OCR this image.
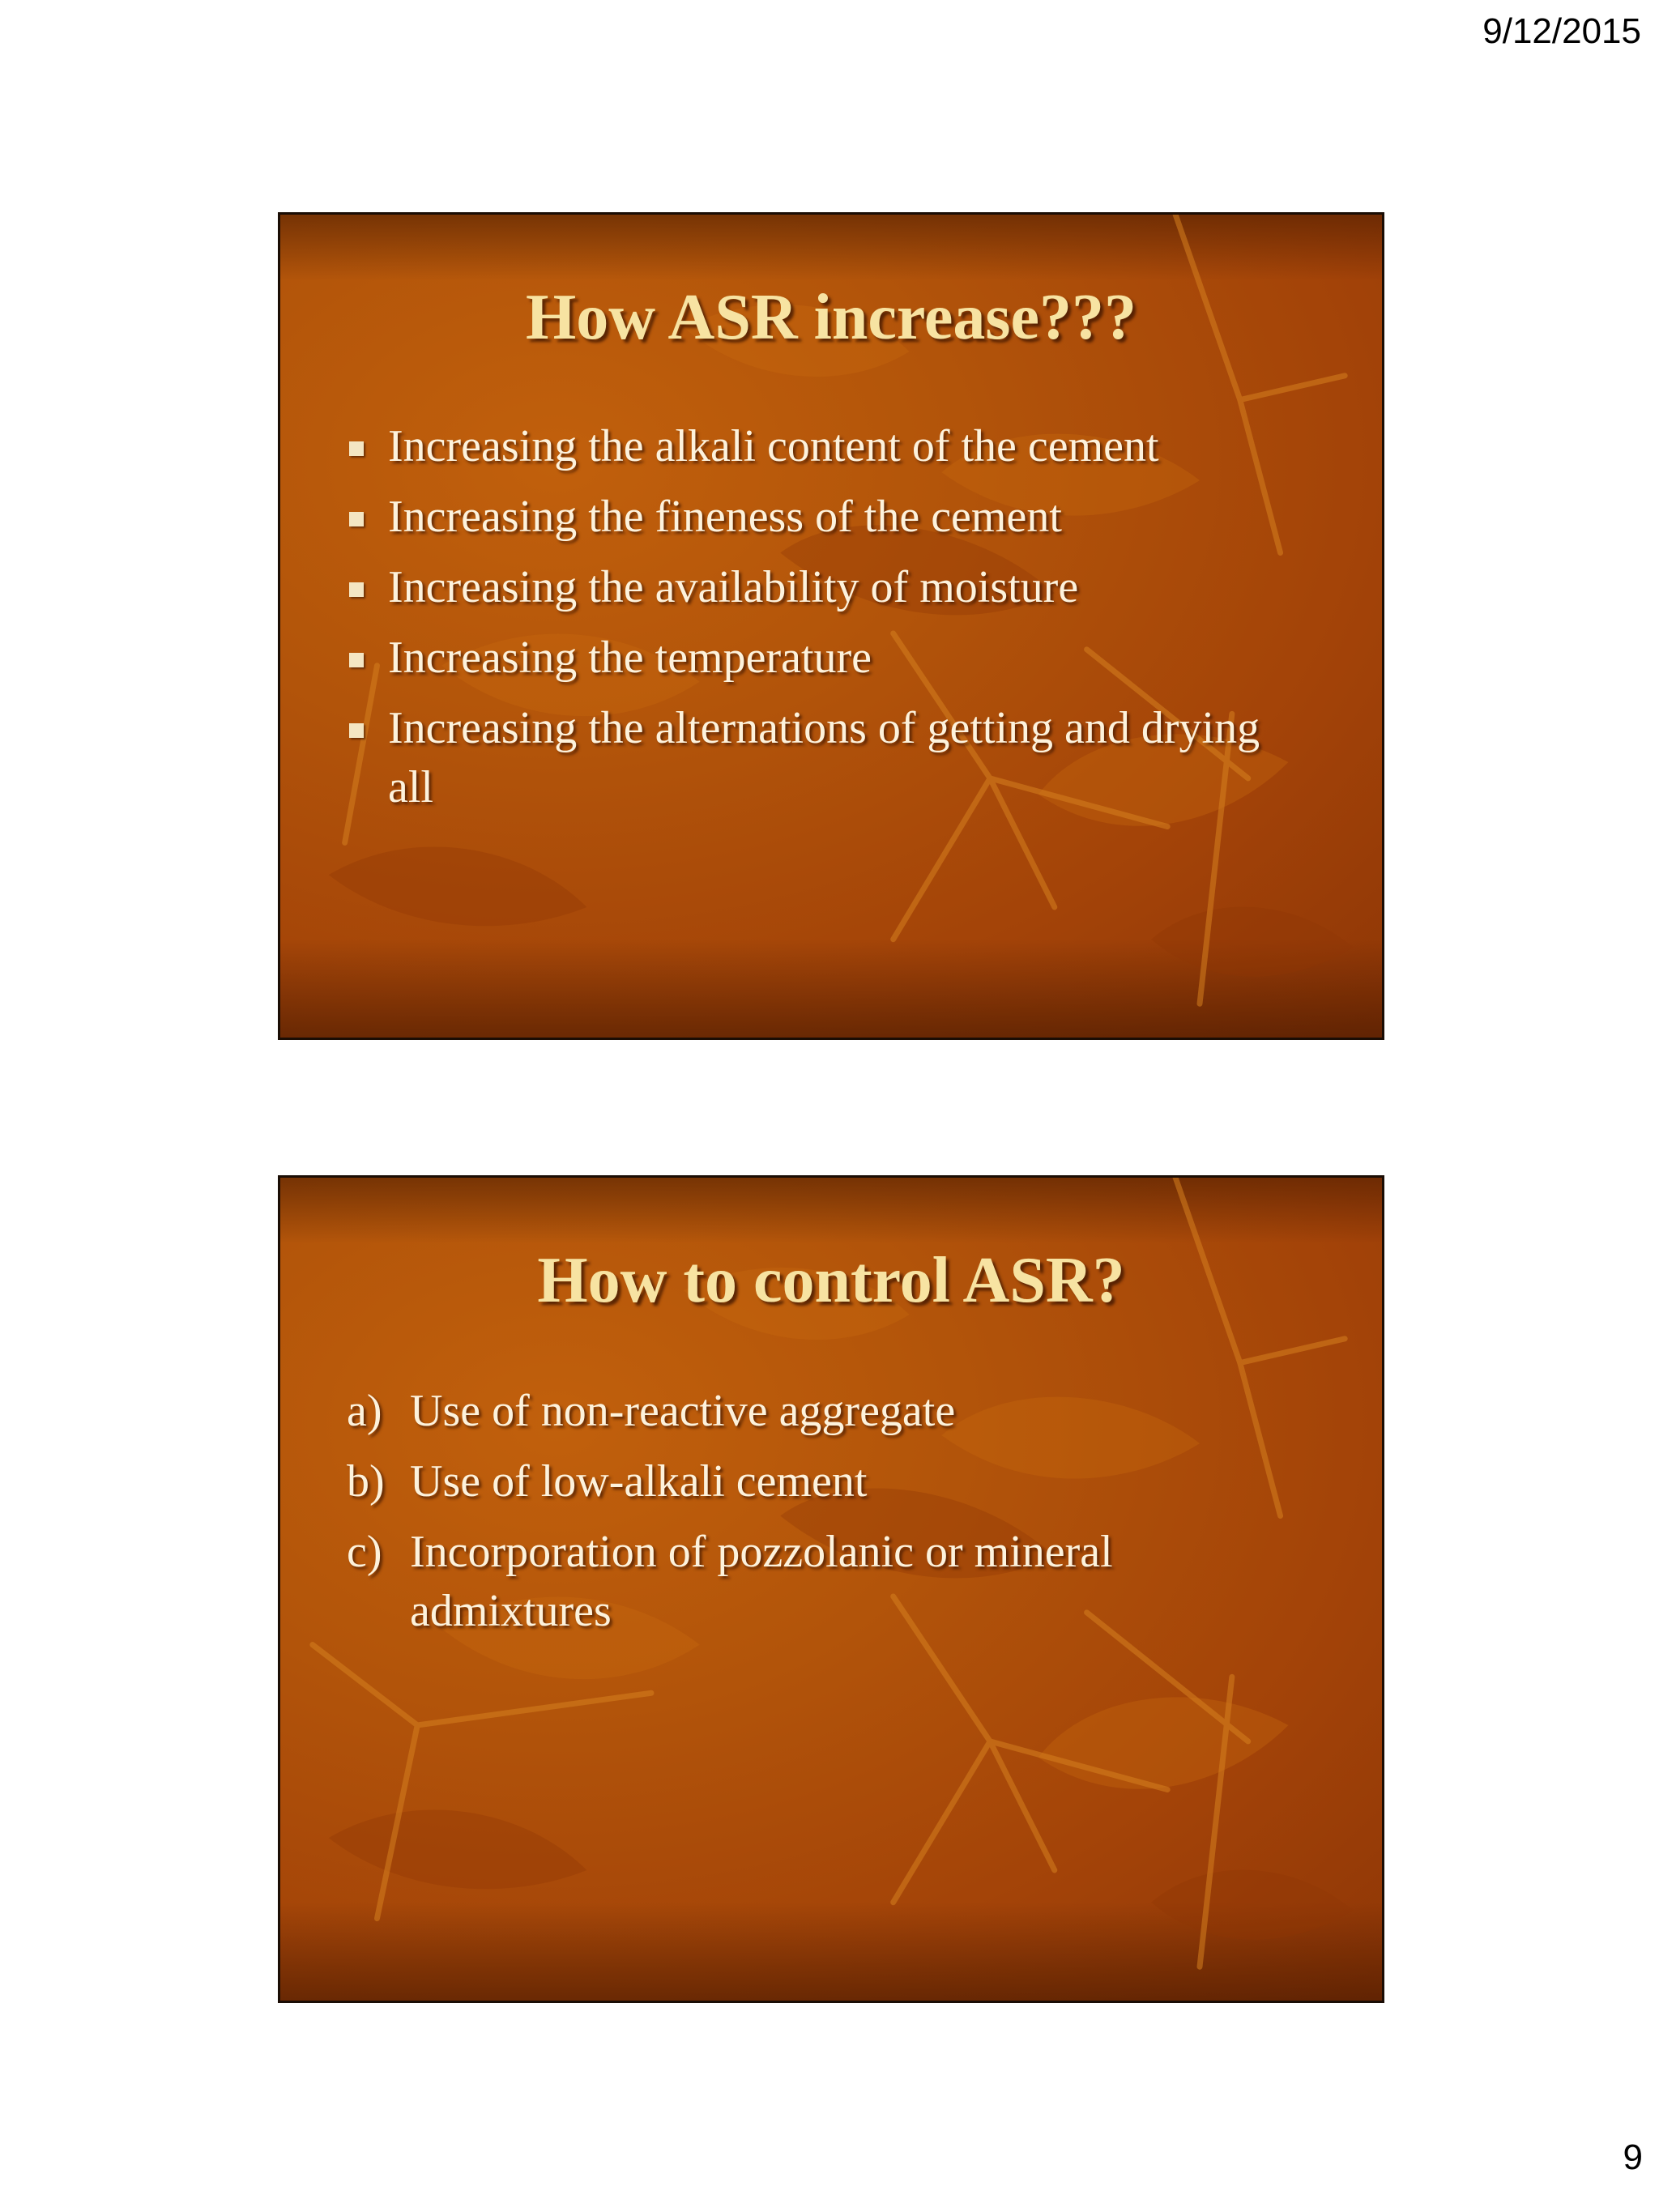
9/12/2015
How ASR increase???
Increasing the alkali content of the cement
Increasing the fineness of the cement
Increasing the availability of moisture
Increasing the temperature
Increasing the alternations of getting and drying all
How to control ASR?
a) Use of non-reactive aggregate
b) Use of low-alkali cement
c) Incorporation of pozzolanic or mineral admixtures
9
